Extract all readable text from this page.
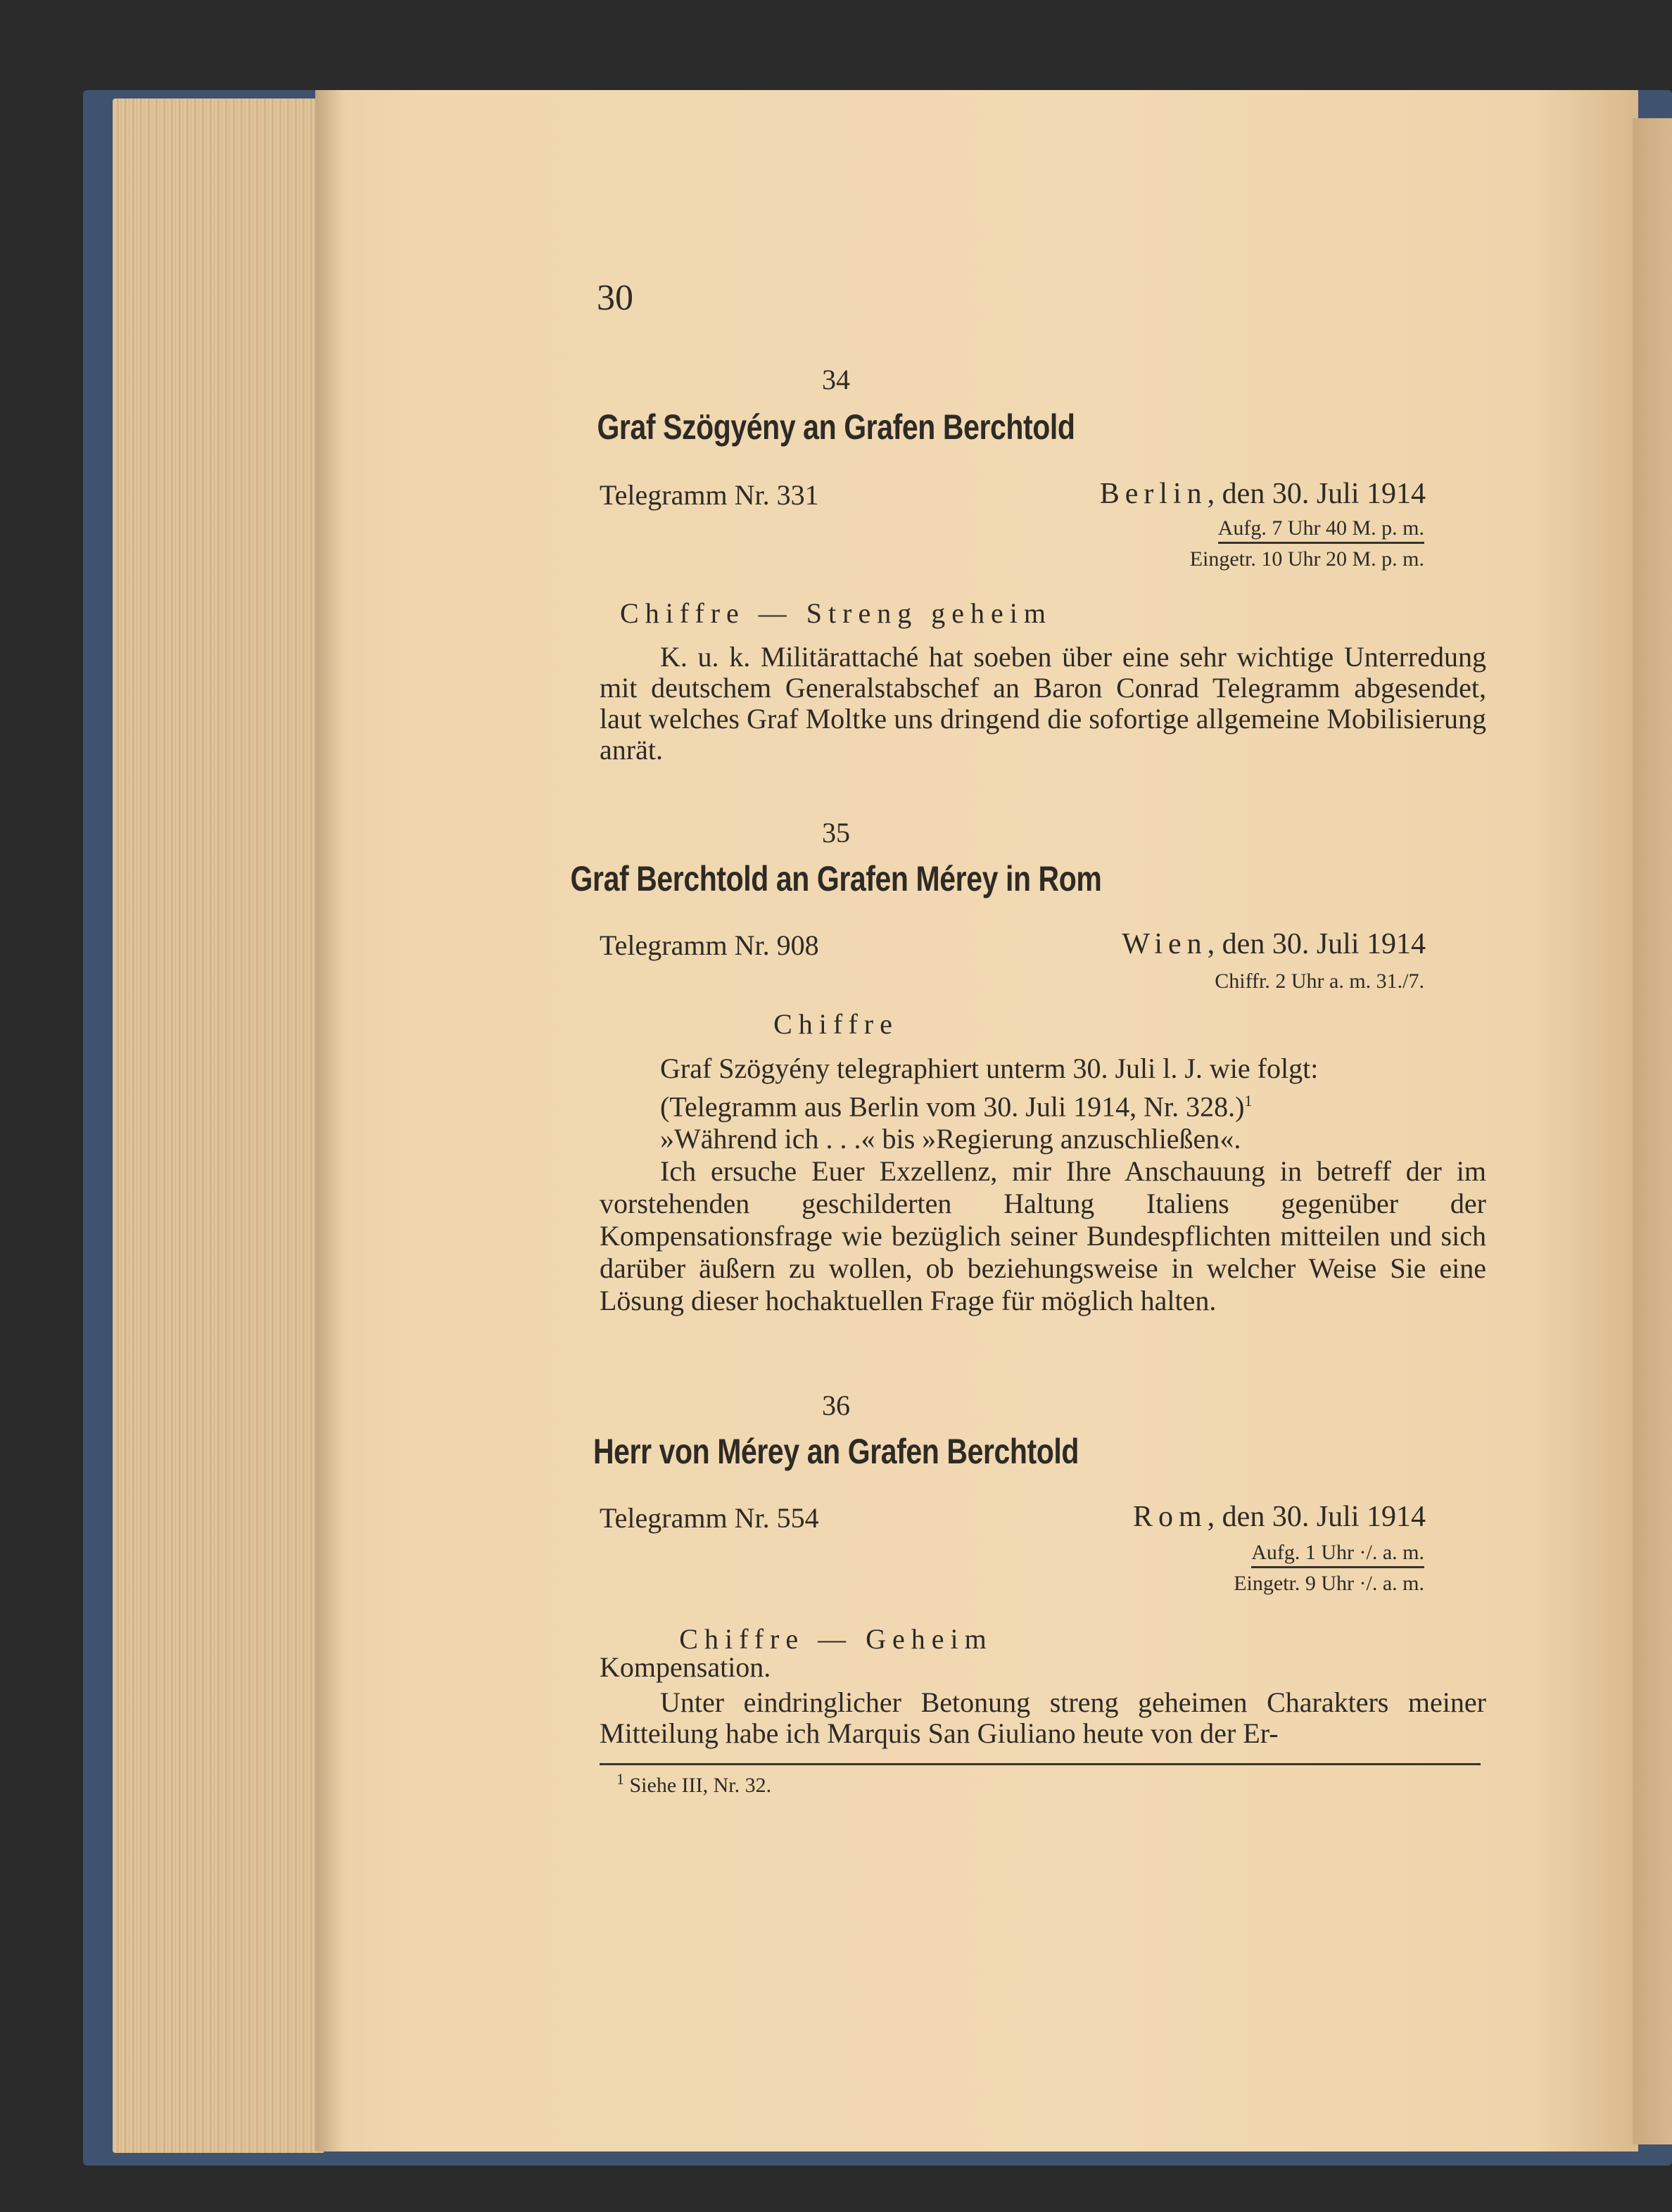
30
34
Graf Szögyény an Grafen Berchtold
Telegramm Nr. 331	Berlin, den 30. Juli 1914
Aufg. 7 Uhr 40 M. p. m.
Eingetr. 10 Uhr 20 M. p. m.
Chiffre — Streng geheim

K. u. k. Militärattaché hat soeben über eine sehr wichtige Unterredung mit deutschem Generalstabschef an Baron Conrad Telegramm abgesendet, laut welches Graf Moltke uns dringend die sofortige allgemeine Mobilisierung anrät.

35
Graf Berchtold an Grafen Mérey in Rom
Telegramm Nr. 908	Wien, den 30. Juli 1914
Chiffr. 2 Uhr a. m. 31./7.
Chiffre

Graf Szögyény telegraphiert unterm 30. Juli l. J. wie folgt:

(Telegramm aus Berlin vom 30. Juli 1914, Nr. 328.)$^1$

»Während ich . . .« bis »Regierung anzuschließen«.

Ich ersuche Euer Exzellenz, mir Ihre Anschauung in betreff der im vorstehenden geschilderten Haltung Italiens gegenüber der Kompensationsfrage wie bezüglich seiner Bundespflichten mitteilen und sich darüber äußern zu wollen, ob beziehungsweise in welcher Weise Sie eine Lösung dieser hochaktuellen Frage für möglich halten.

36
Herr von Mérey an Grafen Berchtold
Telegramm Nr. 554	Rom, den 30. Juli 1914
Aufg. 1 Uhr ·/. a. m.
Eingetr. 9 Uhr ·/. a. m.
Chiffre — Geheim

Kompensation.

Unter eindringlicher Betonung streng geheimen Charakters meiner Mitteilung habe ich Marquis San Giuliano heute von der Er-

$^1$ Siehe III, Nr. 32.
